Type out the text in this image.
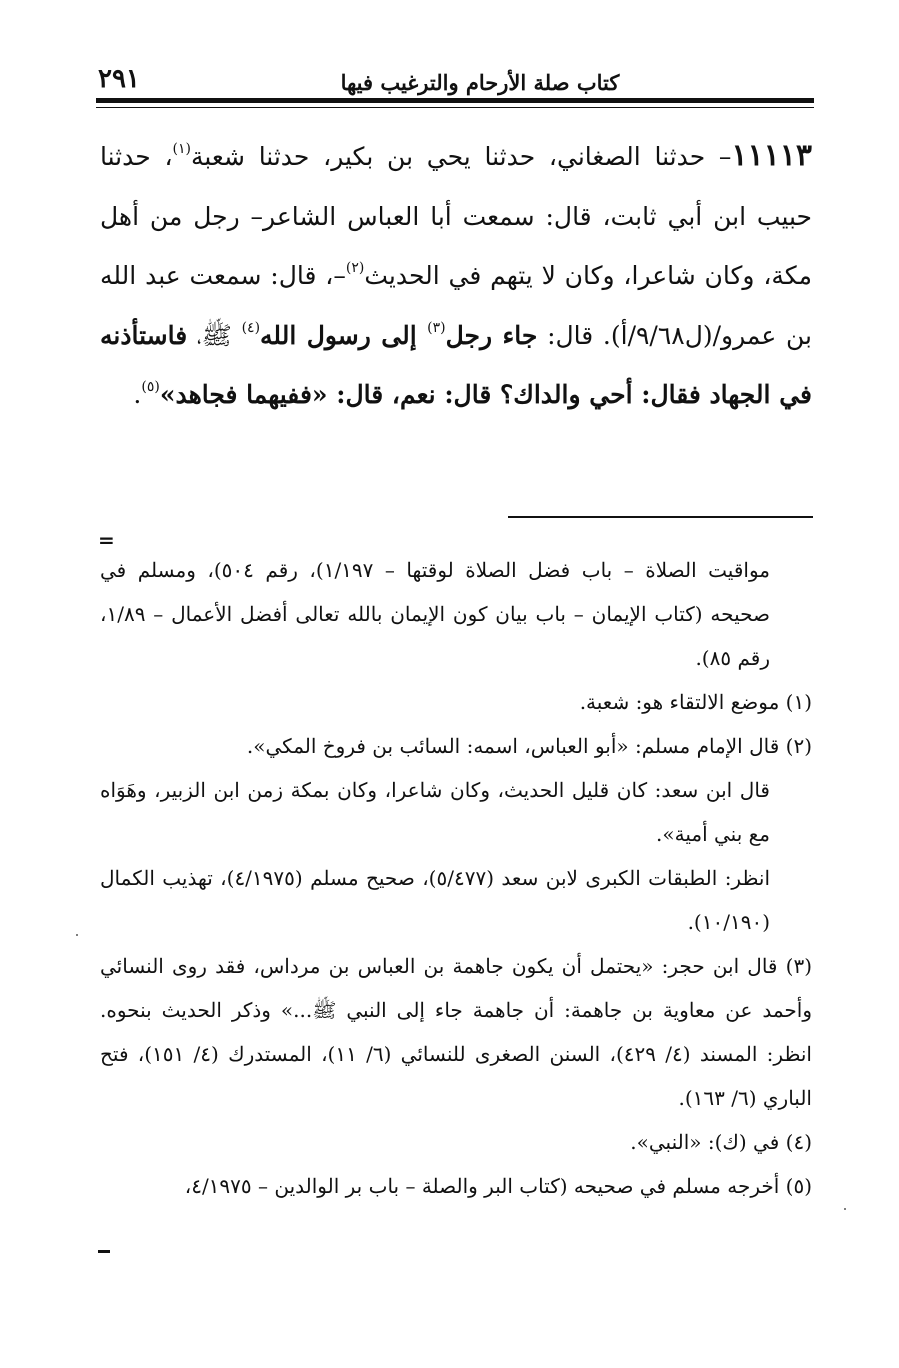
كتاب صلة الأرحام والترغيب فيها
٢٩١
١١١١٣– حدثنا الصغاني، حدثنا يحي بن بكير، حدثنا شعبة$^{(١)}$، حدثنا حبيب ابن أبي ثابت، قال: سمعت أبا العباس الشاعر– رجل من أهل مكة، وكان شاعرا، وكان لا يتهم في الحديث$^{(٢)}$–، قال: سمعت عبد الله بن عمرو/(ل٩/٦٨/أ). قال: جاء رجل$^{(٣)}$ إلى رسول الله$^{(٤)}$ ﷺ، فاستأذنه في الجهاد فقال: أحي والداك؟ قال: نعم، قال: «ففيهما فجاهد»$^{(٥)}$.
=

مواقيت الصلاة – باب فضل الصلاة لوقتها – ١/١٩٧)، رقم ٥٠٤)، ومسلم في صحيحه (كتاب الإيمان – باب بيان كون الإيمان بالله تعالى أفضل الأعمال – ١/٨٩، رقم ٨٥).

(١) موضع الالتقاء هو: شعبة.

(٢) قال الإمام مسلم: «أبو العباس، اسمه: السائب بن فروخ المكي».

قال ابن سعد: كان قليل الحديث، وكان شاعرا، وكان بمكة زمن ابن الزبير، وهَوَاه مع بني أمية».

انظر: الطبقات الكبرى لابن سعد (٥/٤٧٧)، صحيح مسلم (٤/١٩٧٥)، تهذيب الكمال (١٠/١٩٠).

(٣) قال ابن حجر: «يحتمل أن يكون جاهمة بن العباس بن مرداس، فقد روى النسائي وأحمد عن معاوية بن جاهمة: أن جاهمة جاء إلى النبي ﷺ...» وذكر الحديث بنحوه. انظر: المسند (٤/ ٤٢٩)، السنن الصغرى للنسائي (٦/ ١١)، المستدرك (٤/ ١٥١)، فتح الباري (٦/ ١٦٣).

(٤) في (ك): «النبي».

(٥) أخرجه مسلم في صحيحه (كتاب البر والصلة – باب بر الوالدين – ٤/١٩٧٥،
